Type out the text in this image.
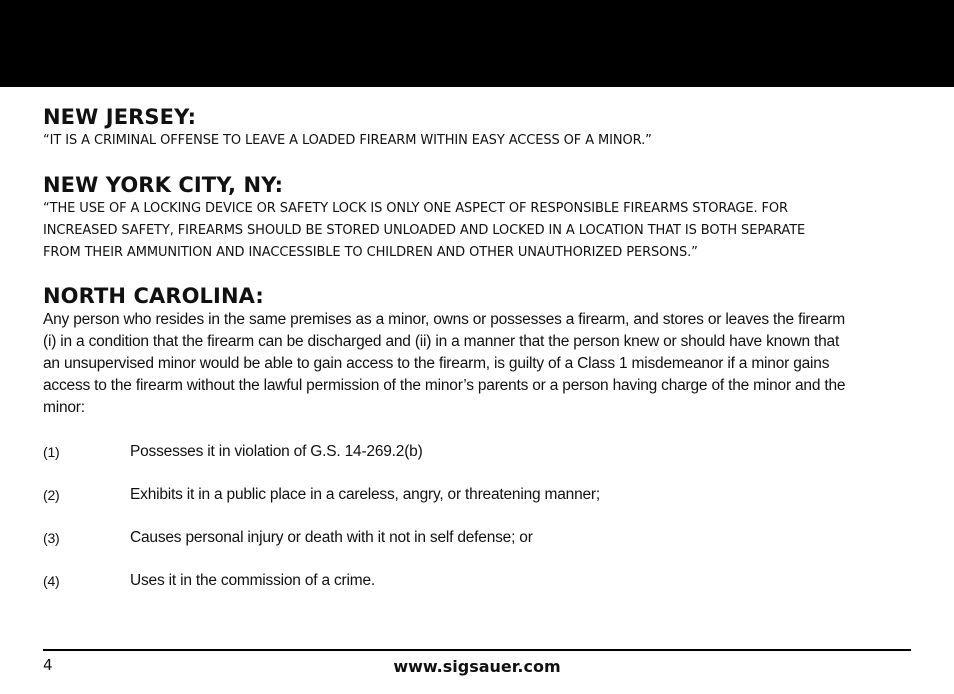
NEW JERSEY:

“IT IS A CRIMINAL OFFENSE TO LEAVE A LOADED FIREARM WITHIN EASY ACCESS OF A MINOR.”

NEW YORK CITY, NY:

“THE USE OF A LOCKING DEVICE OR SAFETY LOCK IS ONLY ONE ASPECT OF RESPONSIBLE FIREARMS STORAGE. FOR

INCREASED SAFETY, FIREARMS SHOULD BE STORED UNLOADED AND LOCKED IN A LOCATION THAT IS BOTH SEPARATE

FROM THEIR AMMUNITION AND INACCESSIBLE TO CHILDREN AND OTHER UNAUTHORIZED PERSONS.”

NORTH CAROLINA:

Any person who resides in the same premises as a minor, owns or possesses a firearm, and stores or leaves the firearm

(i) in a condition that the firearm can be discharged and (ii) in a manner that the person knew or should have known that

an unsupervised minor would be able to gain access to the firearm, is guilty of a Class 1 misdemeanor if a minor gains

access to the firearm without the lawful permission of the minor’s parents or a person having charge of the minor and the

minor:

(1)	Possesses it in violation of G.S. 14-269.2(b)
(2)	Exhibits it in a public place in a careless, angry, or threatening manner;
(3)	Causes personal injury or death with it not in self defense; or
(4)	Uses it in the commission of a crime.
4	www.sigsauer.com
